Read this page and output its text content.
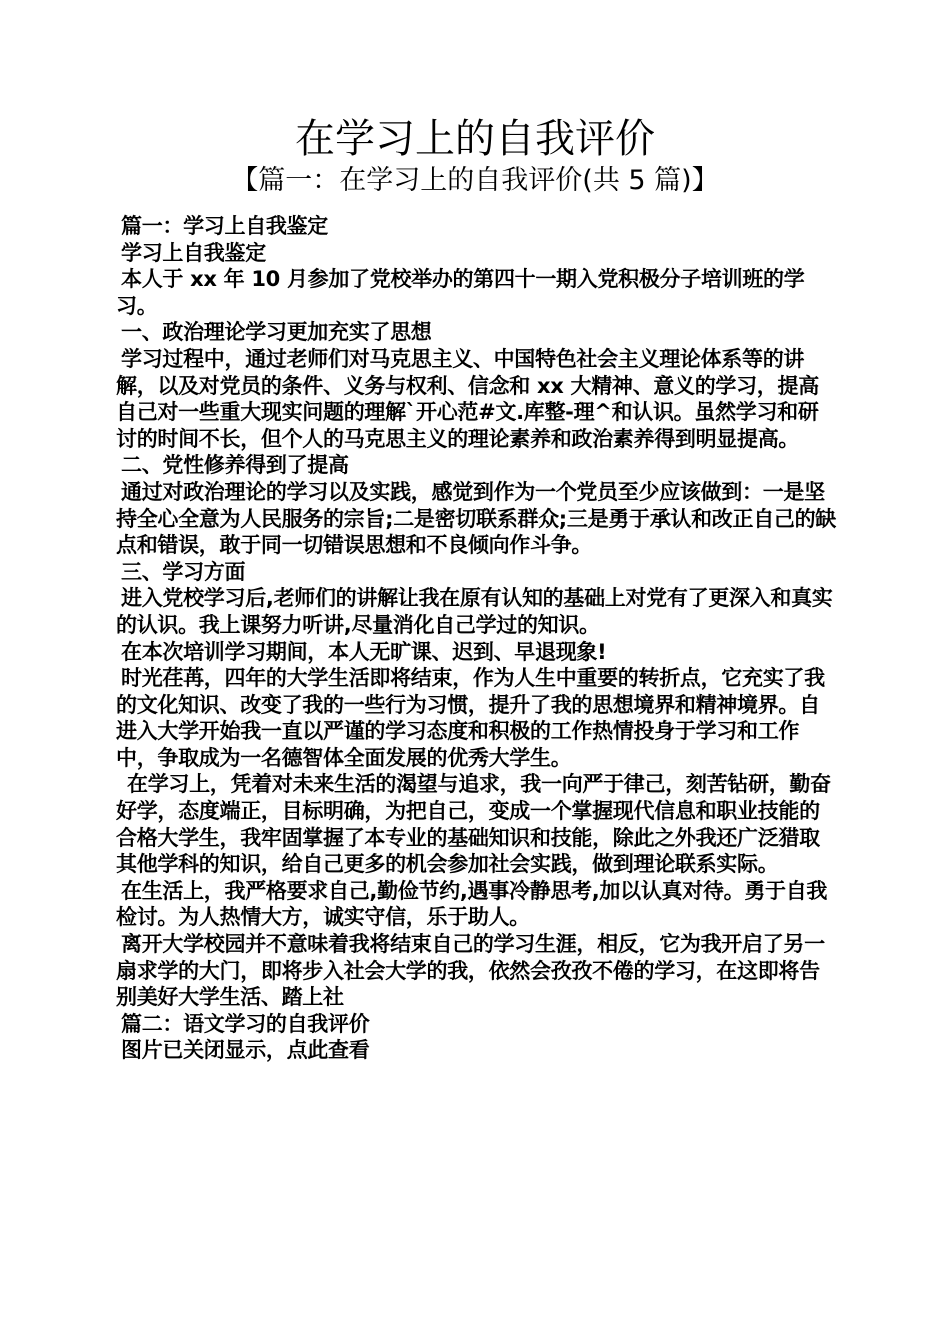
在学习上的自我评价
【篇一：在学习上的自我评价(共 5 篇)】

篇一：学习上自我鉴定

学习上自我鉴定

本人于 xx 年 10 月参加了党校举办的第四十一期入党积极分子培训班的学习。

一、政治理论学习更加充实了思想

学习过程中，通过老师们对马克思主义、中国特色社会主义理论体系等的讲解，以及对党员的条件、义务与权利、信念和 xx 大精神、意义的学习，提高自己对一些重大现实问题的理解`开心范#文.库整-理^和认识。虽然学习和研讨的时间不长，但个人的马克思主义的理论素养和政治素养得到明显提高。

二、党性修养得到了提高

通过对政治理论的学习以及实践，感觉到作为一个党员至少应该做到：一是坚持全心全意为人民服务的宗旨;二是密切联系群众;三是勇于承认和改正自己的缺点和错误，敢于同一切错误思想和不良倾向作斗争。

三、学习方面

进入党校学习后,老师们的讲解让我在原有认知的基础上对党有了更深入和真实的认识。我上课努力听讲,尽量消化自己学过的知识。

在本次培训学习期间，本人无旷课、迟到、早退现象!

时光荏苒，四年的大学生活即将结束，作为人生中重要的转折点，它充实了我的文化知识、改变了我的一些行为习惯，提升了我的思想境界和精神境界。自进入大学开始我一直以严谨的学习态度和积极的工作热情投身于学习和工作中，争取成为一名德智体全面发展的优秀大学生。

在学习上，凭着对未来生活的渴望与追求，我一向严于律己，刻苦钻研，勤奋好学，态度端正，目标明确，为把自己，变成一个掌握现代信息和职业技能的合格大学生，我牢固掌握了本专业的基础知识和技能，除此之外我还广泛猎取其他学科的知识，给自己更多的机会参加社会实践，做到理论联系实际。

在生活上，我严格要求自己,勤俭节约,遇事冷静思考,加以认真对待。勇于自我检讨。为人热情大方，诚实守信，乐于助人。

离开大学校园并不意味着我将结束自己的学习生涯，相反，它为我开启了另一扇求学的大门，即将步入社会大学的我，依然会孜孜不倦的学习，在这即将告别美好大学生活、踏上社

篇二：语文学习的自我评价

图片已关闭显示，点此查看
